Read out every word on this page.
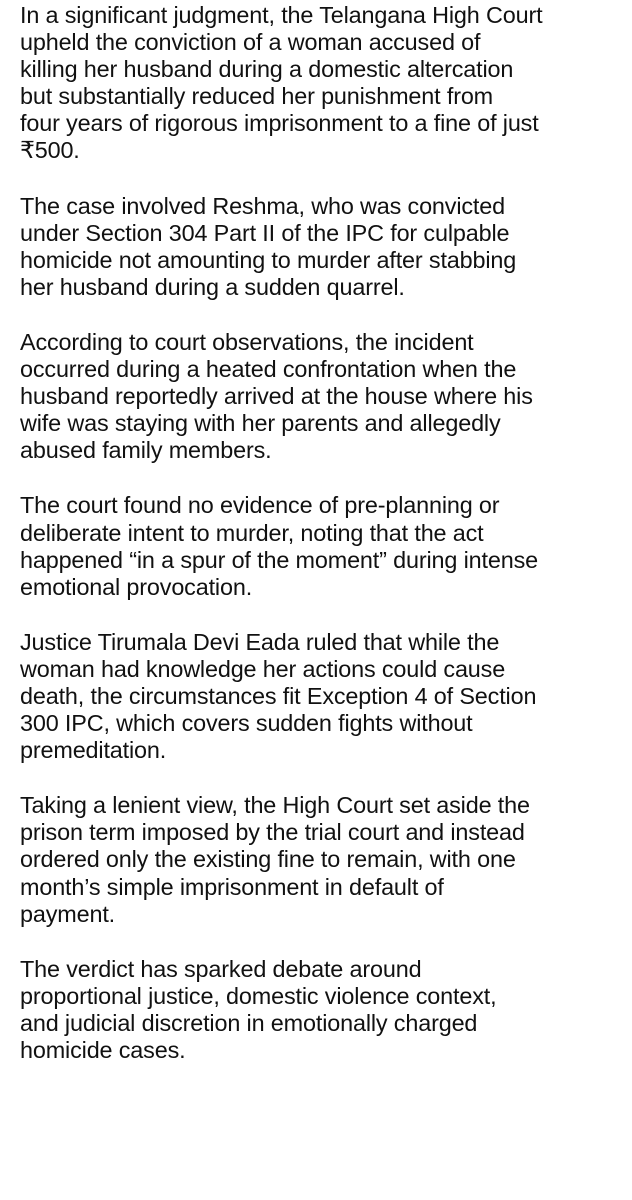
In a significant judgment, the Telangana High Court
upheld the conviction of a woman accused of
killing her husband during a domestic altercation
but substantially reduced her punishment from
four years of rigorous imprisonment to a fine of just
₹500.

The case involved Reshma, who was convicted
under Section 304 Part II of the IPC for culpable
homicide not amounting to murder after stabbing
her husband during a sudden quarrel.

According to court observations, the incident
occurred during a heated confrontation when the
husband reportedly arrived at the house where his
wife was staying with her parents and allegedly
abused family members.

The court found no evidence of pre-planning or
deliberate intent to murder, noting that the act
happened “in a spur of the moment” during intense
emotional provocation.

Justice Tirumala Devi Eada ruled that while the
woman had knowledge her actions could cause
death, the circumstances fit Exception 4 of Section
300 IPC, which covers sudden fights without
premeditation.

Taking a lenient view, the High Court set aside the
prison term imposed by the trial court and instead
ordered only the existing fine to remain, with one
month’s simple imprisonment in default of
payment.

The verdict has sparked debate around
proportional justice, domestic violence context,
and judicial discretion in emotionally charged
homicide cases.
